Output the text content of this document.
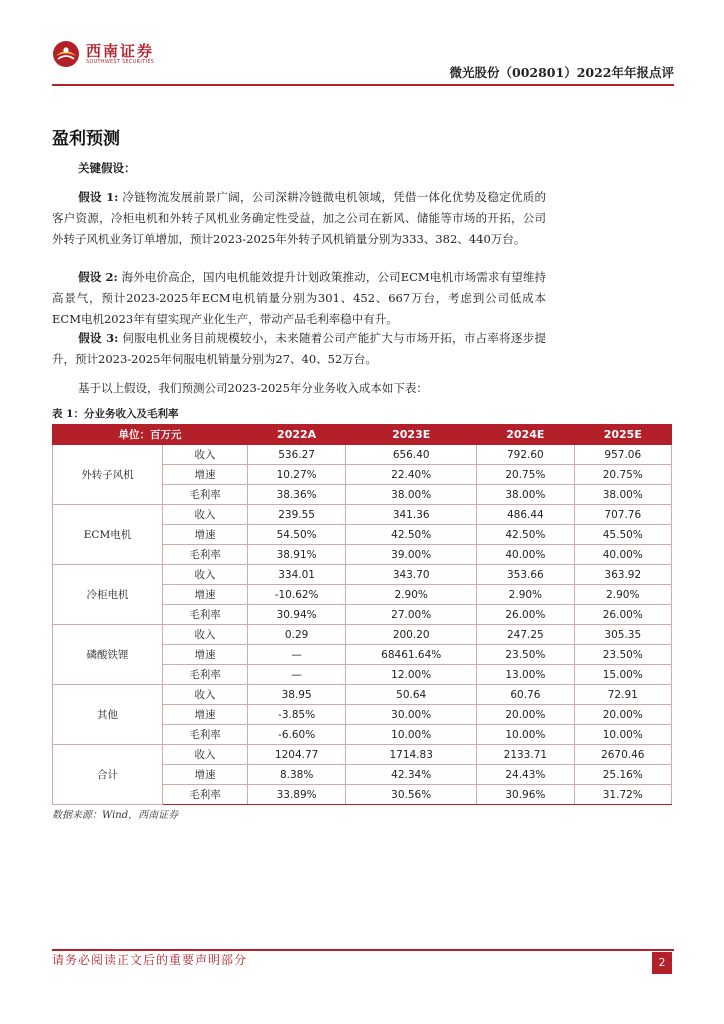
西南证券
SOUTHWEST SECURITIES
微光股份（002801）2022年年报点评
盈利预测
关键假设：
假设 1: 冷链物流发展前景广阔，公司深耕冷链微电机领域，凭借一体化优势及稳定优质的客户资源，冷柜电机和外转子风机业务确定性受益，加之公司在新风、储能等市场的开拓，公司外转子风机业务订单增加，预计2023-2025年外转子风机销量分别为333、382、440万台。
假设 2: 海外电价高企，国内电机能效提升计划政策推动，公司ECM电机市场需求有望维持高景气，预计2023-2025年ECM电机销量分别为301、452、667万台，考虑到公司低成本ECM电机2023年有望实现产业化生产，带动产品毛利率稳中有升。
假设 3: 伺服电机业务目前规模较小，未来随着公司产能扩大与市场开拓，市占率将逐步提升，预计2023-2025年伺服电机销量分别为27、40、52万台。
基于以上假设，我们预测公司2023-2025年分业务收入成本如下表：
表 1：分业务收入及毛利率
单位：百万元		2022A	2023E	2024E	2025E
外转子风机	收入	536.27	656.40	792.60	957.06
	增速	10.27%	22.40%	20.75%	20.75%
	毛利率	38.36%	38.00%	38.00%	38.00%
ECM电机	收入	239.55	341.36	486.44	707.76
	增速	54.50%	42.50%	42.50%	45.50%
	毛利率	38.91%	39.00%	40.00%	40.00%
冷柜电机	收入	334.01	343.70	353.66	363.92
	增速	-10.62%	2.90%	2.90%	2.90%
	毛利率	30.94%	27.00%	26.00%	26.00%
磷酸铁锂	收入	0.29	200.20	247.25	305.35
	增速	—	68461.64%	23.50%	23.50%
	毛利率	—	12.00%	13.00%	15.00%
其他	收入	38.95	50.64	60.76	72.91
	增速	-3.85%	30.00%	20.00%	20.00%
	毛利率	-6.60%	10.00%	10.00%	10.00%
合计	收入	1204.77	1714.83	2133.71	2670.46
	增速	8.38%	42.34%	24.43%	25.16%
	毛利率	33.89%	30.56%	30.96%	31.72%
数据来源：Wind，西南证券
请务必阅读正文后的重要声明部分	2
